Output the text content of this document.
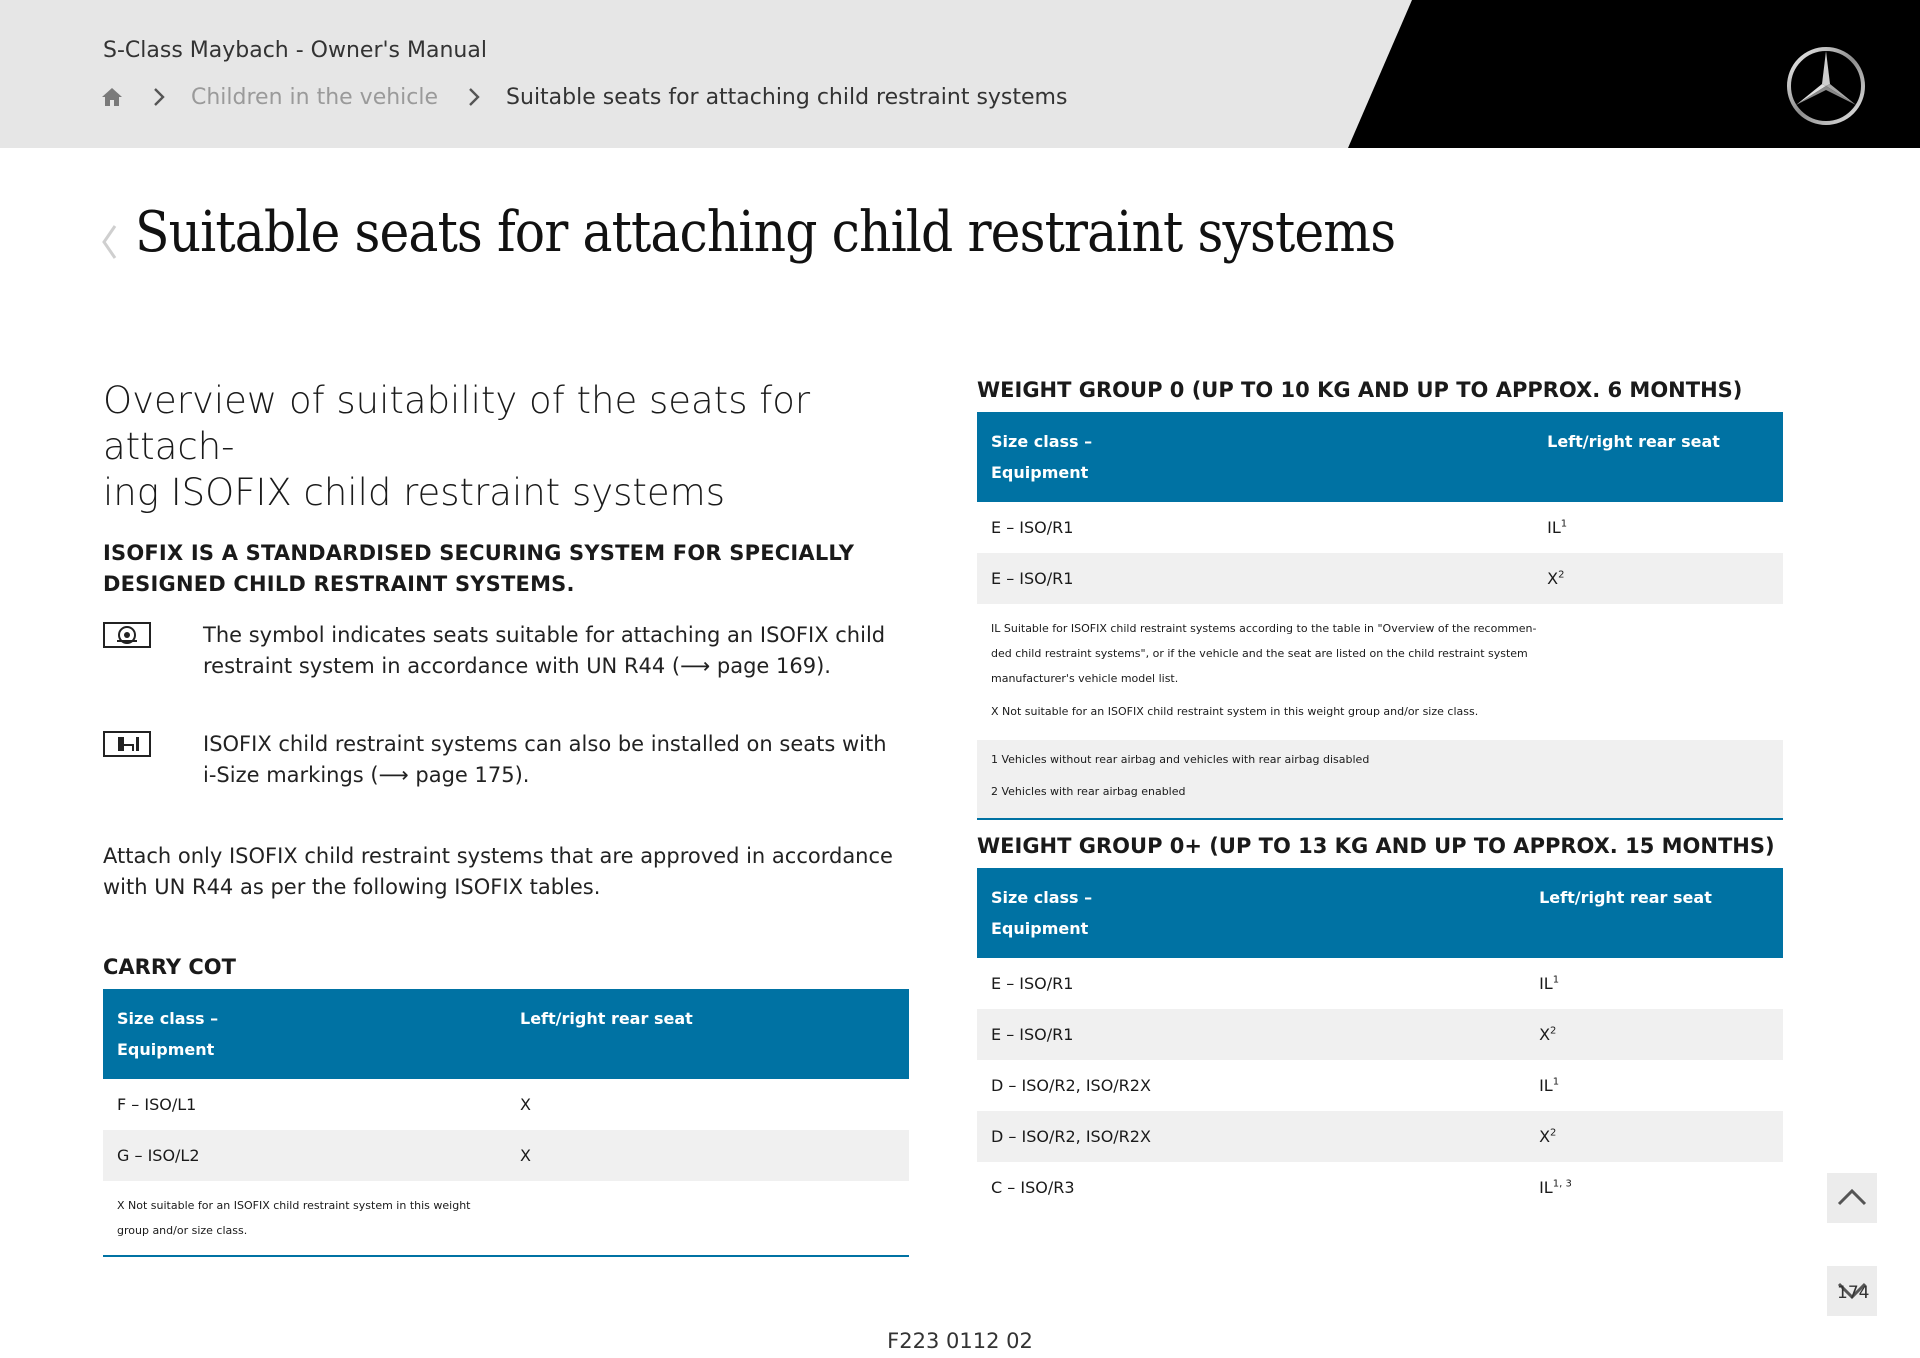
S-Class Maybach - Owner's Manual
Children in the vehicle	Suitable seats for attaching child restraint systems
Suitable seats for attaching child restraint systems
Overview of suitability of the seats for attach-
ing ISOFIX child restraint systems
ISOFIX IS A STANDARDISED SECURING SYSTEM FOR SPECIALLY
DESIGNED CHILD RESTRAINT SYSTEMS.
The symbol indicates seats suitable for attaching an ISOFIX child
restraint system in accordance with UN R44 (⟶ page 169).
ISOFIX child restraint systems can also be installed on seats with
i-Size markings (⟶ page 175).
Attach only ISOFIX child restraint systems that are approved in accordance
with UN R44 as per the following ISOFIX tables.
CARRY COT
Size class –
Equipment	Left/right rear seat
F – ISO/L1	X
G – ISO/L2	X

X Not suitable for an ISOFIX child restraint system in this weight
group and/or size class.	
WEIGHT GROUP 0 (UP TO 10 KG AND UP TO APPROX. 6 MONTHS)
Size class –
Equipment	Left/right rear seat
E – ISO/R1	$IL^1$
E – ISO/R1	$X^2$

IL Suitable for ISOFIX child restraint systems according to the table in "Overview of the recommen-
ded child restraint systems", or if the vehicle and the seat are listed on the child restraint system
manufacturer's vehicle model list.
X Not suitable for an ISOFIX child restraint system in this weight group and/or size class.	

1 Vehicles without rear airbag and vehicles with rear airbag disabled
2 Vehicles with rear airbag enabled	
WEIGHT GROUP 0+ (UP TO 13 KG AND UP TO APPROX. 15 MONTHS)
Size class –
Equipment	Left/right rear seat
E – ISO/R1	$IL^1$
E – ISO/R1	$X^2$
D – ISO/R2, ISO/R2X	$IL^1$
D – ISO/R2, ISO/R2X	$X^2$
C – ISO/R3	IL$^{1, 3}$
174
F223 0112 02
